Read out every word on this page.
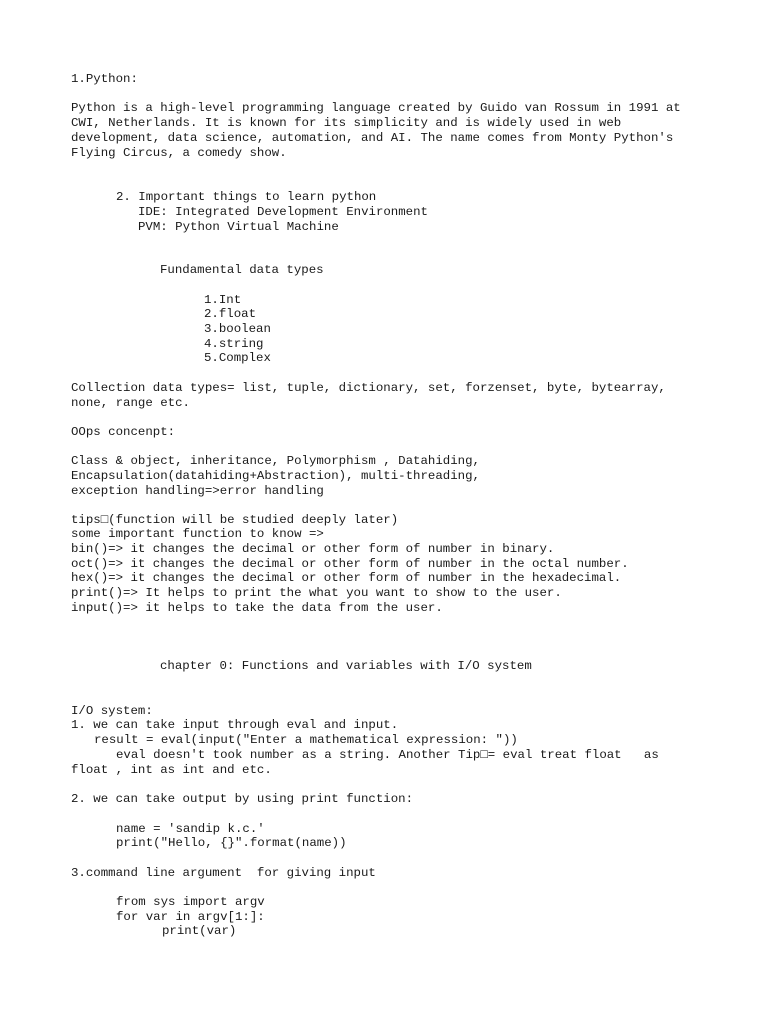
1.Python:

Python is a high-level programming language created by Guido van Rossum in 1991 at

CWI, Netherlands. It is known for its simplicity and is widely used in web

development, data science, automation, and AI. The name comes from Monty Python's

Flying Circus, a comedy show.

2. Important things to learn python

IDE: Integrated Development Environment

PVM: Python Virtual Machine

Fundamental data types

1.Int

2.float

3.boolean

4.string

5.Complex

Collection data types= list, tuple, dictionary, set, forzenset, byte, bytearray,

none, range etc.

OOps concenpt:

Class & object, inheritance, Polymorphism , Datahiding,

Encapsulation(datahiding+Abstraction), multi-threading,

exception handling=>error handling

tips□(function will be studied deeply later)

some important function to know =>

bin()=> it changes the decimal or other form of number in binary.

oct()=> it changes the decimal or other form of number in the octal number.

hex()=> it changes the decimal or other form of number in the hexadecimal.

print()=> It helps to print the what you want to show to the user.

input()=> it helps to take the data from the user.

chapter 0: Functions and variables with I/O system

I/O system:

1. we can take input through eval and input.

result = eval(input("Enter a mathematical expression: "))

eval doesn't took number as a string. Another Tip□= eval treat float   as

float , int as int and etc.

2. we can take output by using print function:

name = 'sandip k.c.'

print("Hello, {}".format(name))

3.command line argument  for giving input

from sys import argv

for var in argv[1:]:

print(var)
